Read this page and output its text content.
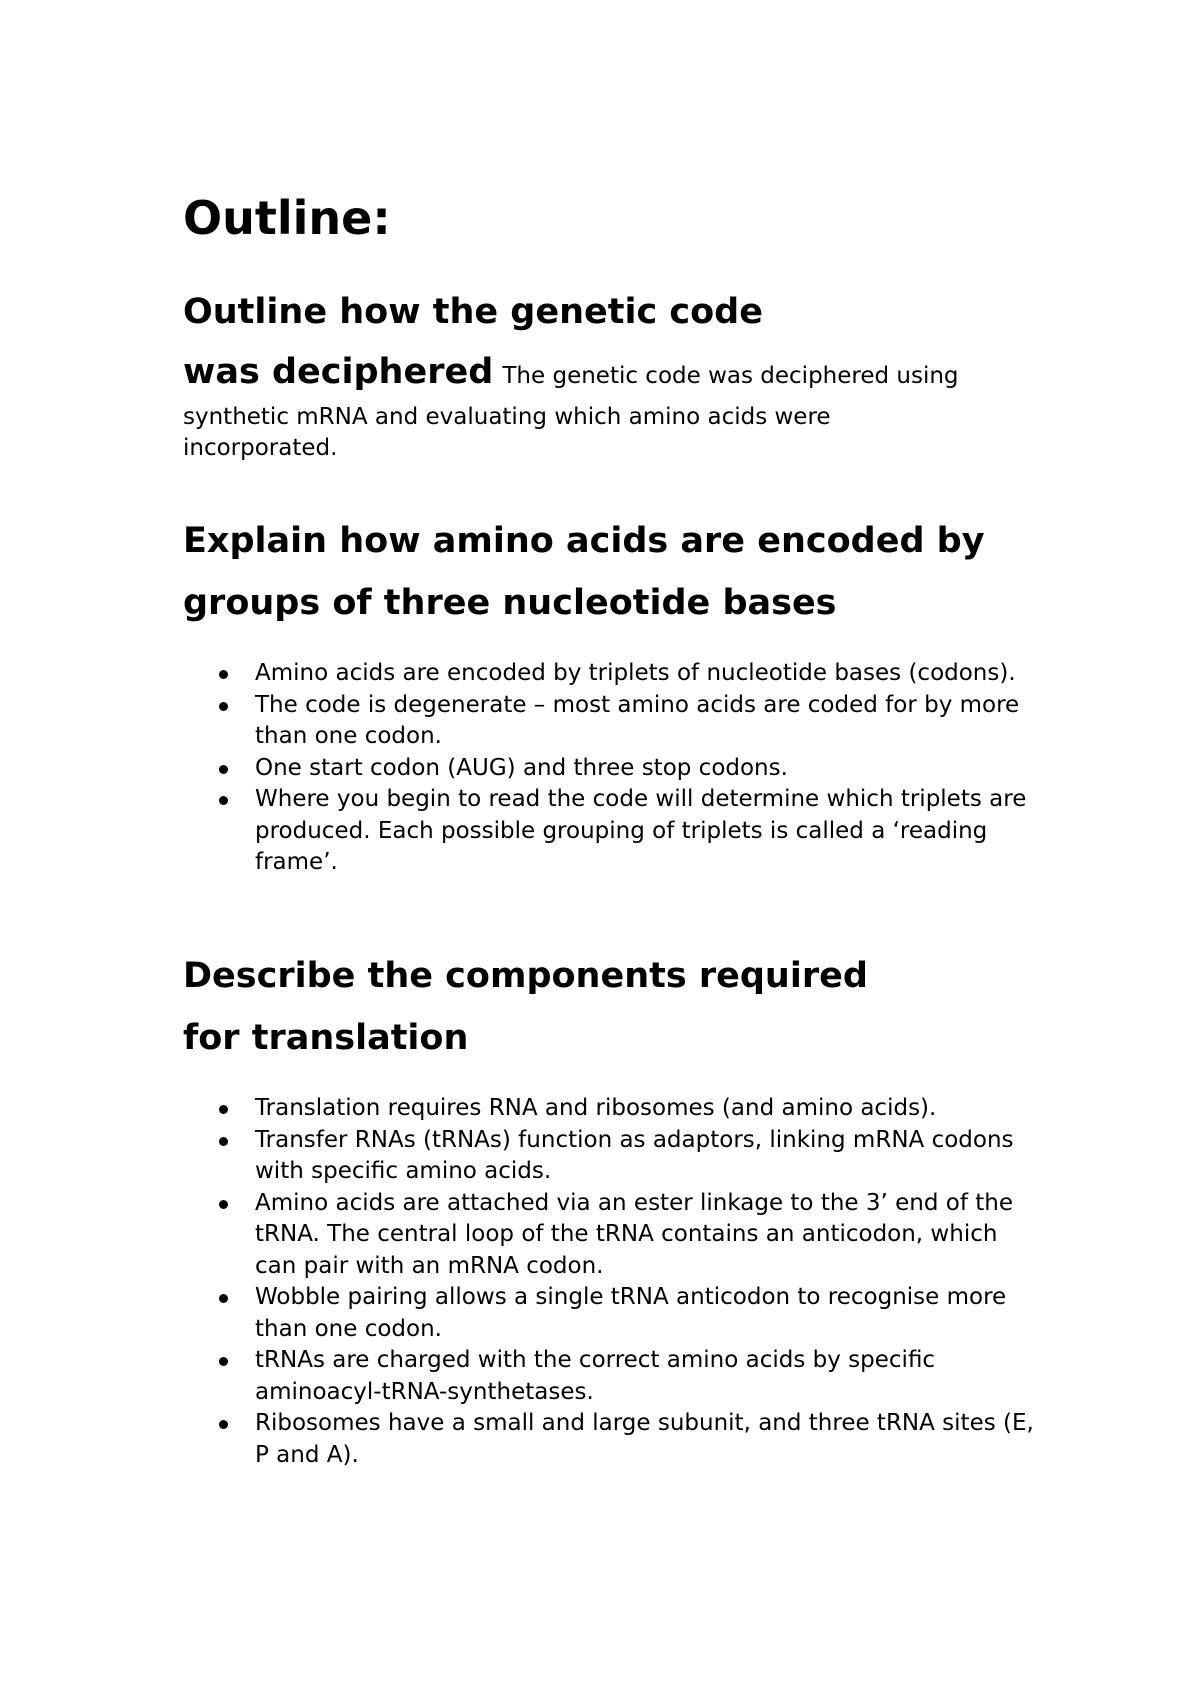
Outline:
Outline how the genetic code
was deciphered The genetic code was deciphered using
synthetic mRNA and evaluating which amino acids were incorporated.
Explain how amino acids are encoded by
groups of three nucleotide bases
Amino acids are encoded by triplets of nucleotide bases (codons).
The code is degenerate – most amino acids are coded for by more than one codon.
One start codon (AUG) and three stop codons.
Where you begin to read the code will determine which triplets are produced. Each possible grouping of triplets is called a ‘reading frame’.
Describe the components required
for translation
Translation requires RNA and ribosomes (and amino acids).
Transfer RNAs (tRNAs) function as adaptors, linking mRNA codons with specific amino acids.
Amino acids are attached via an ester linkage to the 3’ end of the tRNA. The central loop of the tRNA contains an anticodon, which can pair with an mRNA codon.
Wobble pairing allows a single tRNA anticodon to recognise more than one codon.
tRNAs are charged with the correct amino acids by specific aminoacyl-tRNA-synthetases.
Ribosomes have a small and large subunit, and three tRNA sites (E, P and A).
